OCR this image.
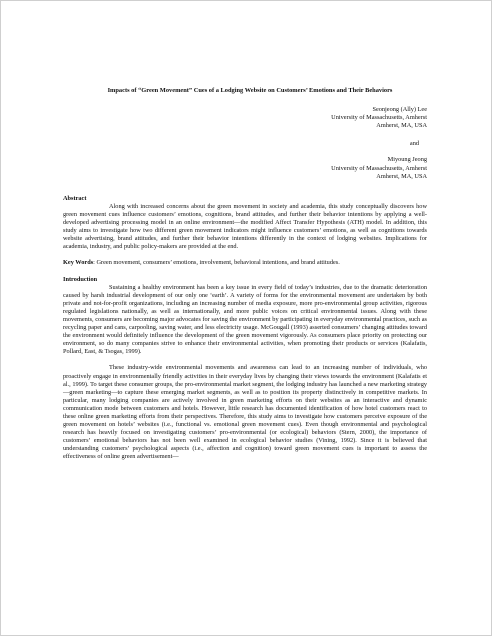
Impacts of “Green Movement” Cues of a Lodging Website on Customers’ Emotions and Their Behaviors
Seonjeong (Ally) Lee
University of Massachusetts, Amherst
Amherst, MA, USA
and
Miyoung Jeong
University of Massachusetts, Amherst
Amherst, MA, USA
Abstract

Along with increased concerns about the green movement in society and academia, this study conceptually discovers how green movement cues influence customers’ emotions, cognitions, brand attitudes, and further their behavior intentions by applying a well-developed advertising processing model in an online environment—the modified Affect Transfer Hypothesis (ATH) model. In addition, this study aims to investigate how two different green movement indicators might influence customers’ emotions, as well as cognitions towards website advertising, brand attitudes, and further their behavior intentions differently in the context of lodging websites. Implications for academia, industry, and public policy-makers are provided at the end.

Key Words: Green movement, consumers’ emotions, involvement, behavioral intentions, and brand attitudes.

Introduction

Sustaining a healthy environment has been a key issue in every field of today’s industries, due to the dramatic deterioration caused by harsh industrial development of our only one ‘earth’. A variety of forms for the environmental movement are undertaken by both private and not-for-profit organizations, including an increasing number of media exposure, more pro-environmental group activities, rigorous regulated legislations nationally, as well as internationally, and more public voices on critical environmental issues. Along with these movements, consumers are becoming major advocates for saving the environment by participating in everyday environmental practices, such as recycling paper and cans, carpooling, saving water, and less electricity usage. McGougall (1993) asserted consumers’ changing attitudes toward the environment would definitely influence the development of the green movement vigorously. As consumers place priority on protecting our environment, so do many companies strive to enhance their environmental activities, when promoting their products or services (Kalafatis, Pollard, East, & Tsogas, 1999).

These industry-wide environmental movements and awareness can lead to an increasing number of individuals, who proactively engage in environmentally friendly activities in their everyday lives by changing their views towards the environment (Kalafatis et al., 1999). To target these consumer groups, the pro-environmental market segment, the lodging industry has launched a new marketing strategy—green marketing—to capture these emerging market segments, as well as to position its property distinctively in competitive markets. In particular, many lodging companies are actively involved in green marketing efforts on their websites as an interactive and dynamic communication mode between customers and hotels. However, little research has documented identification of how hotel customers react to these online green marketing efforts from their perspectives. Therefore, this study aims to investigate how customers perceive exposure of the green movement on hotels’ websites (i.e., functional vs. emotional green movement cues). Even though environmental and psychological research has heavily focused on investigating customers’ pro-environmental (or ecological) behaviors (Stern, 2000), the importance of customers’ emotional behaviors has not been well examined in ecological behavior studies (Vining, 1992). Since it is believed that understanding customers’ psychological aspects (i.e., affection and cognition) toward green movement cues is important to assess the effectiveness of online green advertisement—
